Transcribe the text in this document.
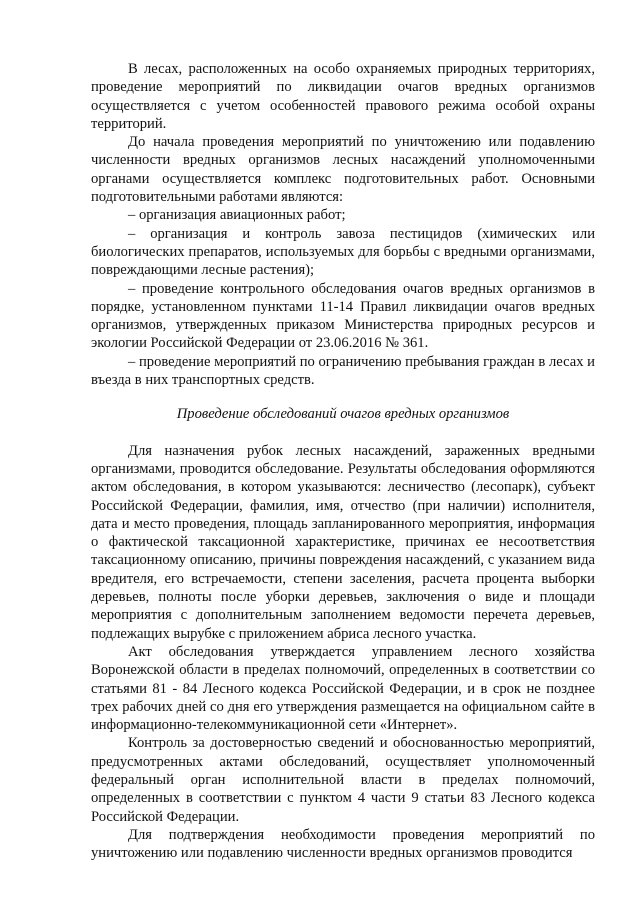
В лесах, расположенных на особо охраняемых природных территориях, проведение мероприятий по ликвидации очагов вредных организмов осуществляется с учетом особенностей правового режима особой охраны территорий.

До начала проведения мероприятий по уничтожению или подавлению численности вредных организмов лесных насаждений уполномоченными органами осуществляется комплекс подготовительных работ. Основными подготовительными работами являются:

– организация авиационных работ;

– организация и контроль завоза пестицидов (химических или биологических препаратов, используемых для борьбы с вредными организмами, повреждающими лесные растения);

– проведение контрольного обследования очагов вредных организмов в порядке, установленном пунктами 11-14 Правил ликвидации очагов вредных организмов, утвержденных приказом Министерства природных ресурсов и экологии Российской Федерации от 23.06.2016 № 361.

– проведение мероприятий по ограничению пребывания граждан в лесах и въезда в них транспортных средств.

Проведение обследований очагов вредных организмов

Для назначения рубок лесных насаждений, зараженных вредными организмами, проводится обследование. Результаты обследования оформляются актом обследования, в котором указываются: лесничество (лесопарк), субъект Российской Федерации, фамилия, имя, отчество (при наличии) исполнителя, дата и место проведения, площадь запланированного мероприятия, информация о фактической таксационной характеристике, причинах ее несоответствия таксационному описанию, причины повреждения насаждений, с указанием вида вредителя, его встречаемости, степени заселения, расчета процента выборки деревьев, полноты после уборки деревьев, заключения о виде и площади мероприятия с дополнительным заполнением ведомости перечета деревьев, подлежащих вырубке с приложением абриса лесного участка.

Акт обследования утверждается управлением лесного хозяйства Воронежской области в пределах полномочий, определенных в соответствии со статьями 81 - 84 Лесного кодекса Российской Федерации, и в срок не позднее трех рабочих дней со дня его утверждения размещается на официальном сайте в информационно-телекоммуникационной сети «Интернет».

Контроль за достоверностью сведений и обоснованностью мероприятий, предусмотренных актами обследований, осуществляет уполномоченный федеральный орган исполнительной власти в пределах полномочий, определенных в соответствии с пунктом 4 части 9 статьи 83 Лесного кодекса Российской Федерации.

Для подтверждения необходимости проведения мероприятий по уничтожению или подавлению численности вредных организмов проводится
